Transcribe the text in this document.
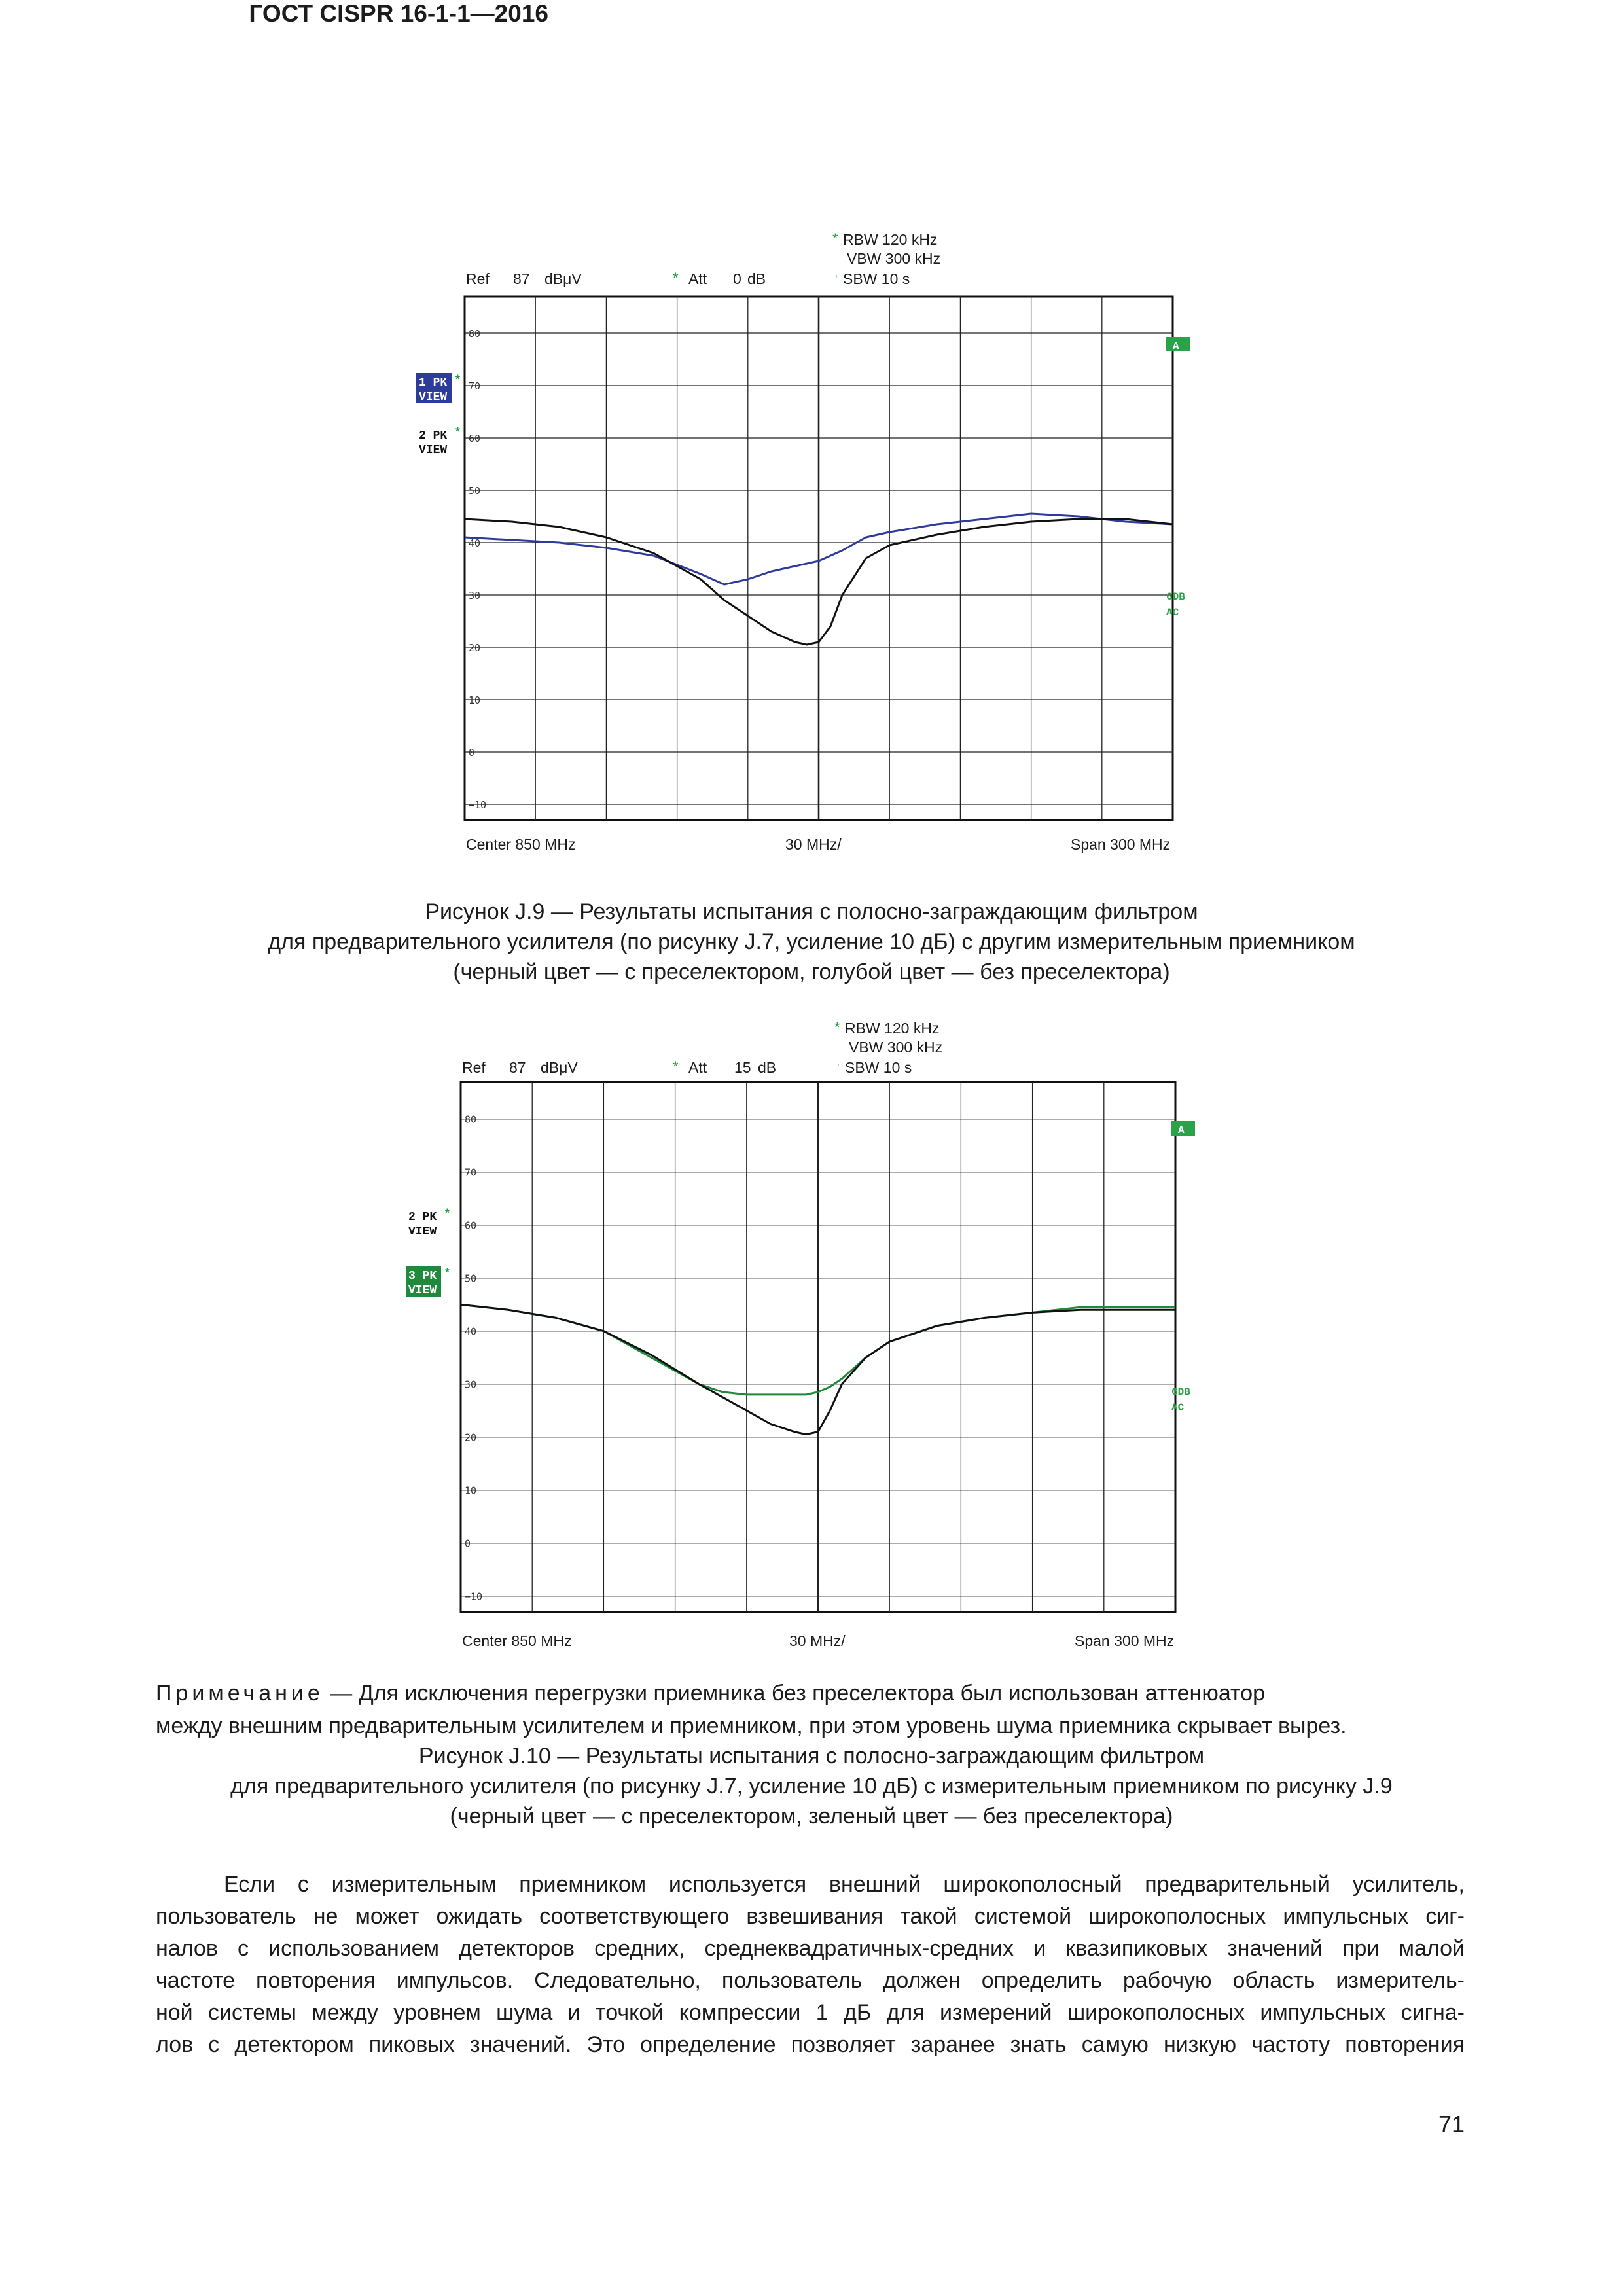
ГОСТ CISPR 16-1-1—2016
* RBW 120 kHz
VBW 300 kHz
' SBW 10 s
Ref 87 dBμV	* Att 0 dB
−10
0
10
20
30
40
50
60
70
80
1 PK
VIEW
*
2 PK
VIEW
*
A
6DB
AC
Center 850 MHz	30 MHz/	Span 300 MHz
Рисунок J.9 — Результаты испытания с полосно-заграждающим фильтром
для предварительного усилителя (по рисунку J.7, усиление 10 дБ) с другим измерительным приемником
(черный цвет — с преселектором, голубой цвет — без преселектора)
* RBW 120 kHz
VBW 300 kHz
' SBW 10 s
Ref 87 dBμV	* Att 15 dB
−10
0
10
20
30
40
50
60
70
80
2 PK
VIEW
*
3 PK
VIEW
*
A
6DB
AC
Center 850 MHz	30 MHz/	Span 300 MHz
Примечание — Для исключения перегрузки приемника без преселектора был использован аттенюатор
между внешним предварительным усилителем и приемником, при этом уровень шума приемника скрывает вырез.
Рисунок J.10 — Результаты испытания с полосно-заграждающим фильтром
для предварительного усилителя (по рисунку J.7, усиление 10 дБ) с измерительным приемником по рисунку J.9
(черный цвет — с преселектором, зеленый цвет — без преселектора)
Если с измерительным приемником используется внешний широкополосный предварительный усилитель,
пользователь не может ожидать соответствующего взвешивания такой системой широкополосных импульсных сиг-
налов с использованием детекторов средних, среднеквадратичных-средних и квазипиковых значений при малой
частоте повторения импульсов. Следовательно, пользователь должен определить рабочую область измеритель-
ной системы между уровнем шума и точкой компрессии 1 дБ для измерений широкополосных импульсных сигна-
лов с детектором пиковых значений. Это определение позволяет заранее знать самую низкую частоту повторения
71
